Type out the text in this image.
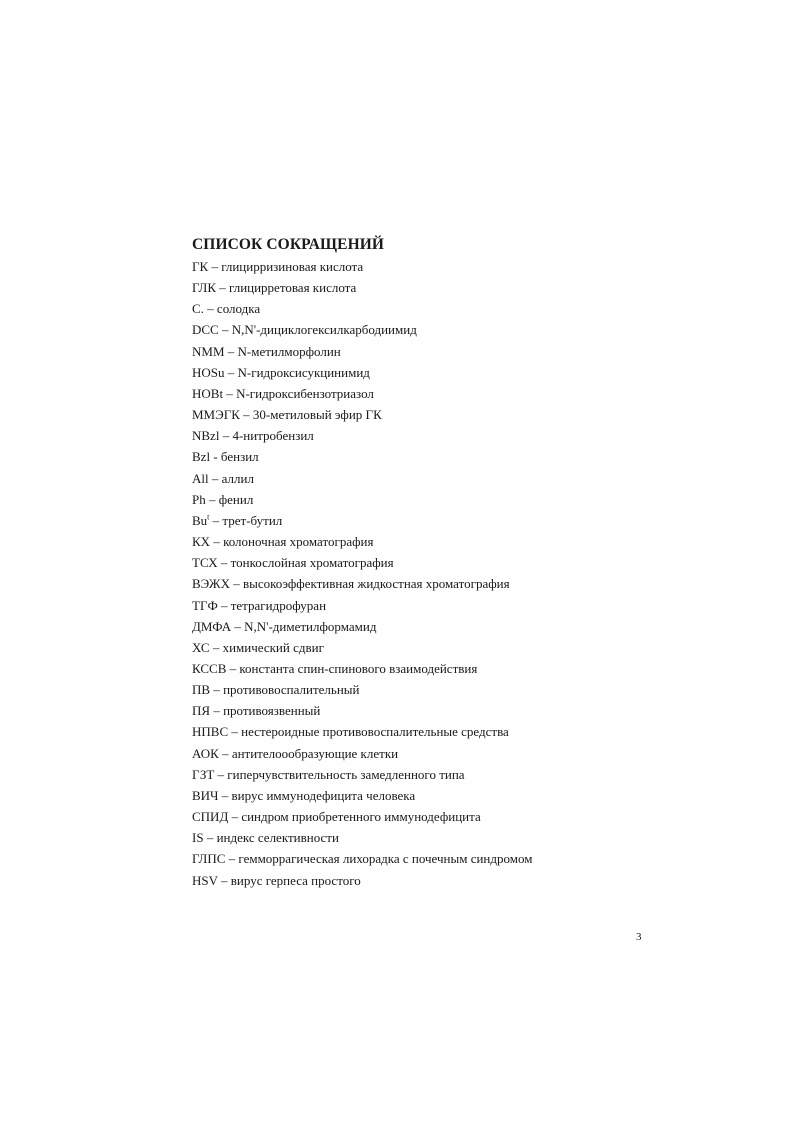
СПИСОК СОКРАЩЕНИЙ
ГК – глицирризиновая кислота
ГЛК – глицирретовая кислота
С. – солодка
DCC – N,N'-дициклогексилкарбодиимид
NMM – N-метилморфолин
HOSu – N-гидроксисукцинимид
HOBt – N-гидроксибензотриазол
ММЭГК – 30-метиловый эфир ГК
NBzl – 4-нитробензил
Bzl - бензил
All – аллил
Ph – фенил
Bu$^t$ – трет-бутил
КХ – колоночная хроматография
ТСХ – тонкослойная хроматография
ВЭЖХ – высокоэффективная жидкостная хроматография
ТГФ – тетрагидрофуран
ДМФА – N,N'-диметилформамид
ХС – химический сдвиг
КССВ – константа спин-спинового взаимодействия
ПВ – противовоспалительный
ПЯ – противоязвенный
НПВС – нестероидные противовоспалительные средства
АОК – антителоообразующие клетки
ГЗТ – гиперчувствительность замедленного типа
ВИЧ – вирус иммунодефицита человека
СПИД – синдром приобретенного иммунодефицита
IS – индекс селективности
ГЛПС – гемморрагическая лихорадка с почечным синдромом
HSV – вирус герпеса простого
3
